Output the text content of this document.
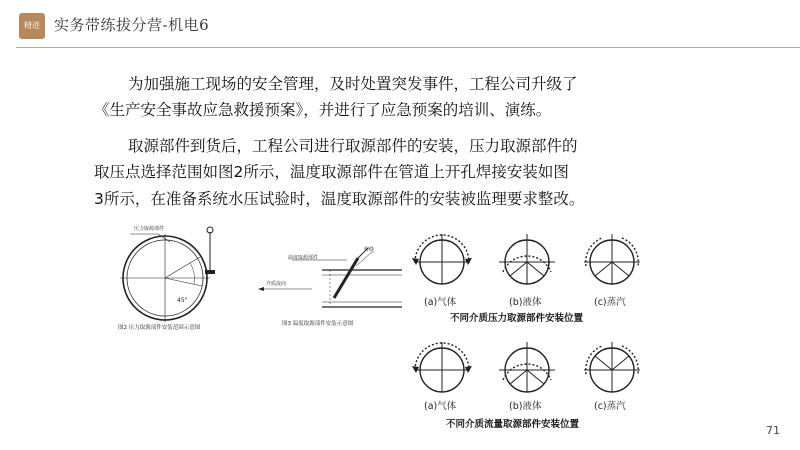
精进 实务带练拔分营-机电6
为加强施工现场的安全管理，及时处置突发事件，工程公司升级了
《生产安全事故应急救援预案》，并进行了应急预案的培训、演练。
取源部件到货后，工程公司进行取源部件的安装，压力取源部件的
取压点选择范围如图2所示，温度取源部件在管道上开孔焊接安装如图
3所示，在准备系统水压试验时，温度取源部件的安装被监理要求整改。
45°
压力取源部件
图2 压力取源部件安装范围示意图
温度取源部件
焊缝
介质流向
图3 温度取源部件安装示意图
(a)气体	(b)液体	(c)蒸汽
不同介质压力取源部件安装位置
(a)气体	(b)液体	(c)蒸汽
不同介质流量取源部件安装位置	71
